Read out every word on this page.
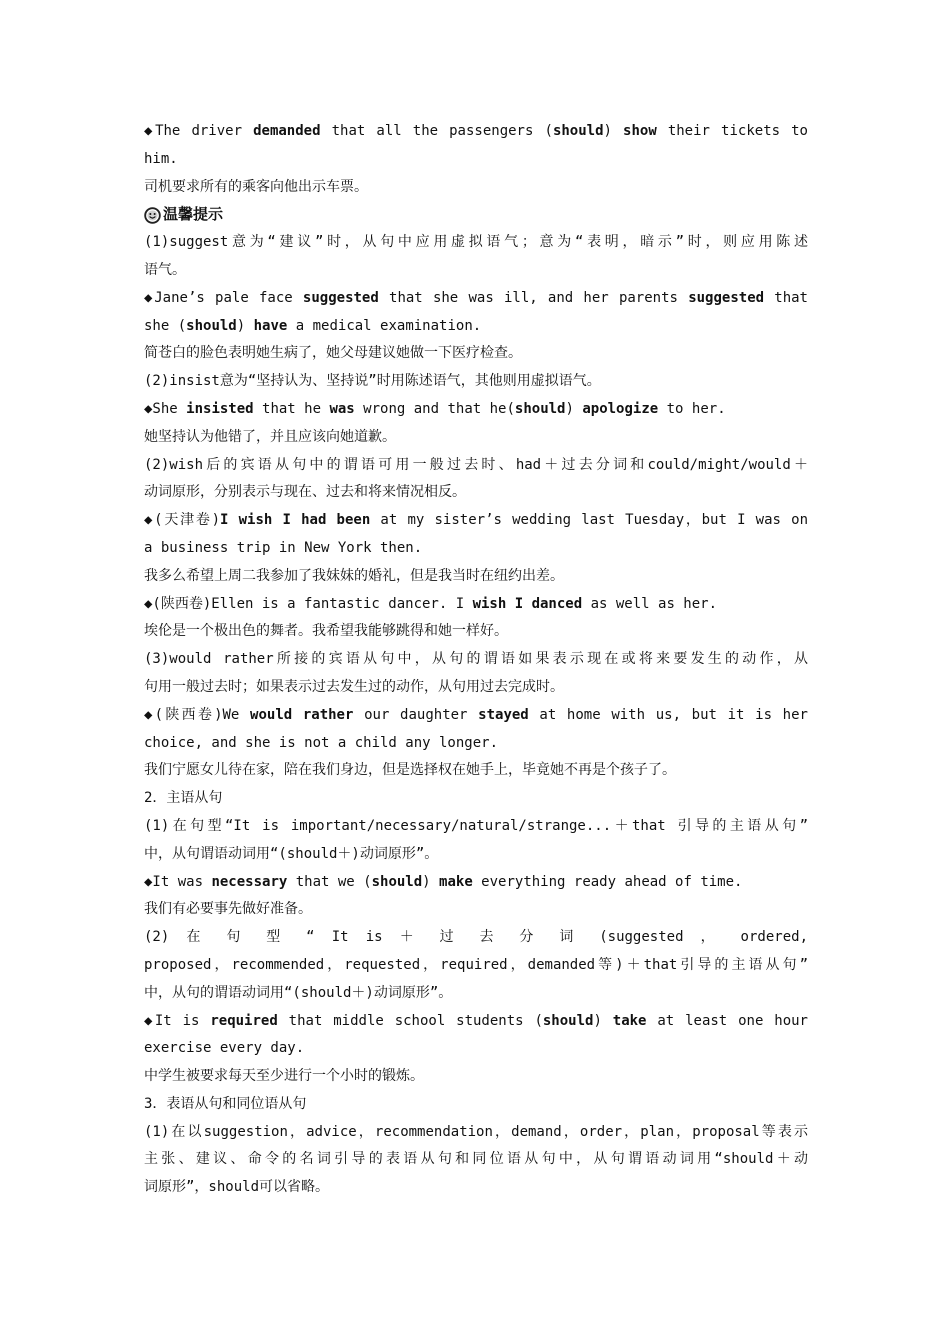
◆The driver demanded that all the passengers (should) show their tickets to
him.
司机要求所有的乘客向他出示车票。
温馨提示
(1)suggest意为“建议”时，从句中应用虚拟语气；意为“表明，暗示”时，则应用陈述
语气。
◆Jane’s pale face suggested that she was ill, and her parents suggested that
she (should) have a medical examination.
简苍白的脸色表明她生病了，她父母建议她做一下医疗检查。
(2)insist意为“坚持认为、坚持说”时用陈述语气，其他则用虚拟语气。
◆She insisted that he was wrong and that he(should) apologize to her.
她坚持认为他错了，并且应该向她道歉。
(2)wish后的宾语从句中的谓语可用一般过去时、had＋过去分词和could/might/would＋
动词原形，分别表示与现在、过去和将来情况相反。
◆(天津卷)I wish I had been at my sister’s wedding last Tuesday，but I was on
a business trip in New York then.
我多么希望上周二我参加了我妹妹的婚礼，但是我当时在纽约出差。
◆(陕西卷)Ellen is a fantastic dancer. I wish I danced as well as her.
埃伦是一个极出色的舞者。我希望我能够跳得和她一样好。
(3)would rather所接的宾语从句中，从句的谓语如果表示现在或将来要发生的动作，从
句用一般过去时；如果表示过去发生过的动作，从句用过去完成时。
◆(陕西卷)We would rather our daughter stayed at home with us, but it is her
choice, and she is not a child any longer.
我们宁愿女儿待在家，陪在我们身边，但是选择权在她手上，毕竟她不再是个孩子了。
2．主语从句
(1)在句型“It is important/necessary/natural/strange...＋that 引导的主语从句”
中，从句谓语动词用“(should＋)动词原形”。
◆It was necessary that we (should) make everything ready ahead of time.
我们有必要事先做好准备。
(2) 在 句 型 “ It is ＋ 过 去 分 词 (suggested ， ordered,
proposed，recommended，requested，required，demanded等)＋that引导的主语从句”
中，从句的谓语动词用“(should＋)动词原形”。
◆It is required that middle school students (should) take at least one hour
exercise every day.
中学生被要求每天至少进行一个小时的锻炼。
3．表语从句和同位语从句
(1)在以suggestion，advice，recommendation，demand，order，plan，proposal等表示
主张、建议、命令的名词引导的表语从句和同位语从句中，从句谓语动词用“should＋动
词原形”，should可以省略。
